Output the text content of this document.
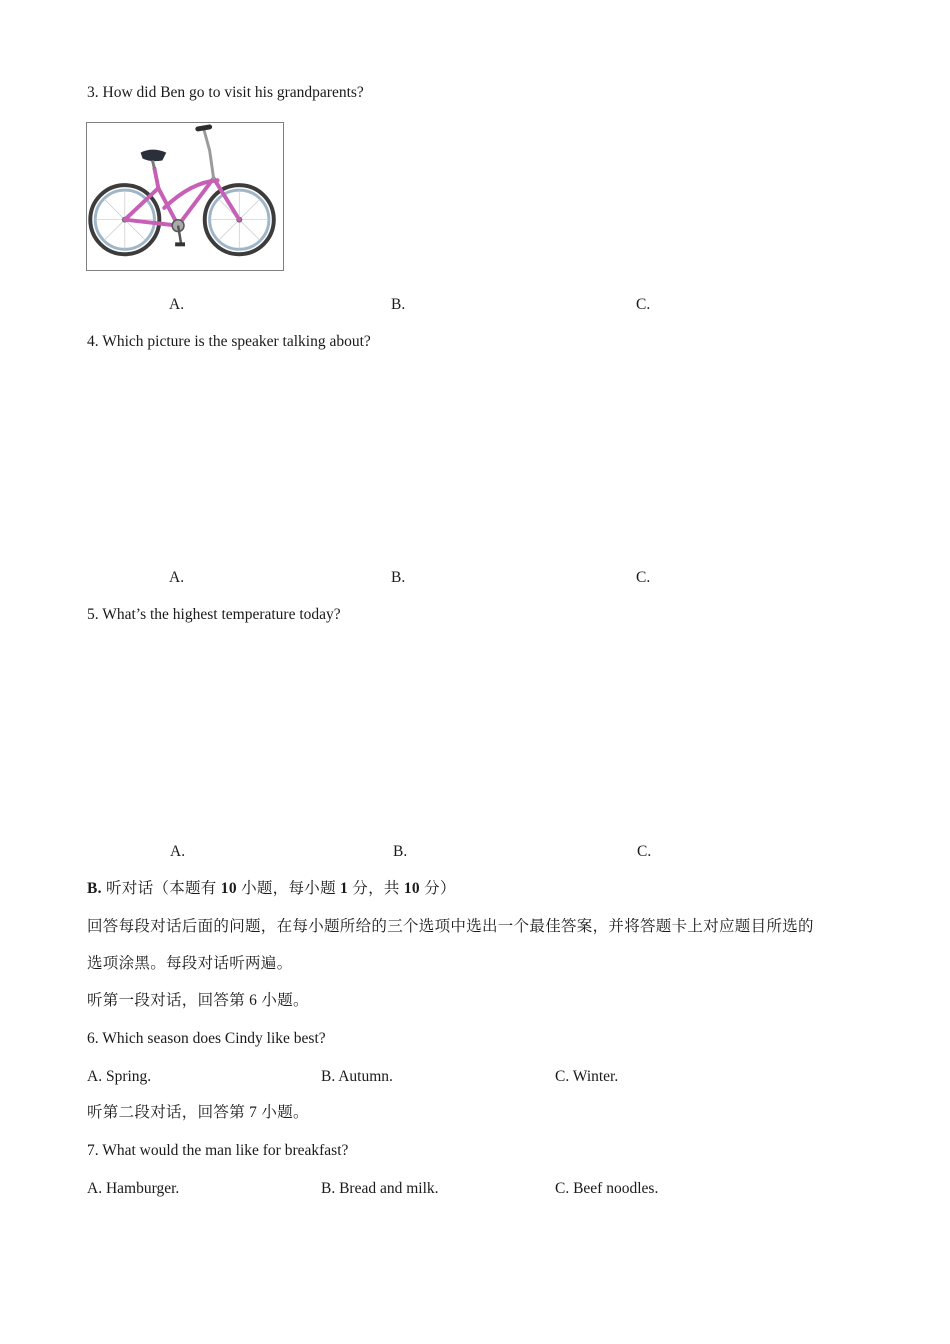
3. How did Ben go to visit his grandparents?
A.	B.	C.
4. Which picture is the speaker talking about?
A.	B.	C.
5. What’s the highest temperature today?
A.	B.	C.
B. 听对话（本题有 10 小题，每小题 1 分，共 10 分）
回答每段对话后面的问题，在每小题所给的三个选项中选出一个最佳答案，并将答题卡上对应题目所选的
选项涂黑。每段对话听两遍。
听第一段对话，回答第 6 小题。
6. Which season does Cindy like best?
A. Spring.	B. Autumn.	C. Winter.
听第二段对话，回答第 7 小题。
7. What would the man like for breakfast?
A. Hamburger.	B. Bread and milk.	C. Beef noodles.
